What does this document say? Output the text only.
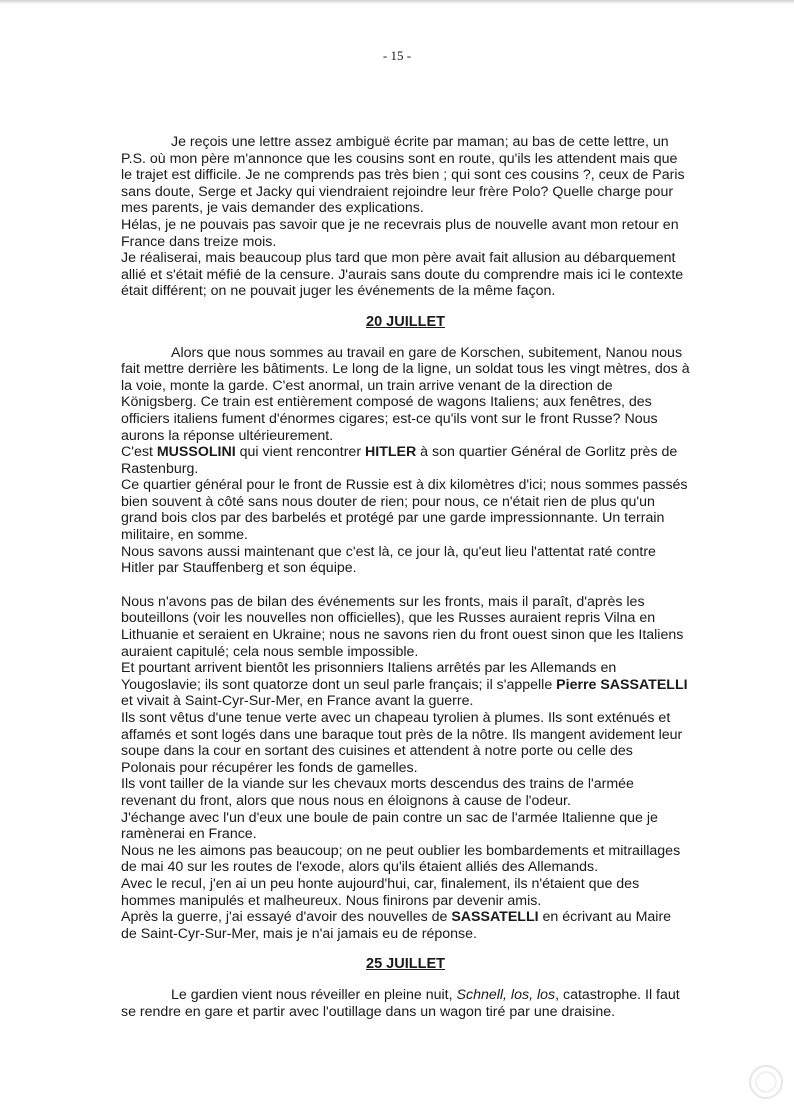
- 15 -

Je reçois une lettre assez ambiguë écrite par maman; au bas de cette lettre, un P.S. où mon père m'annonce que les cousins sont en route, qu'ils les attendent mais que le trajet est difficile. Je ne comprends pas très bien ; qui sont ces cousins ?, ceux de Paris sans doute, Serge et Jacky qui viendraient rejoindre leur frère Polo? Quelle charge pour mes parents, je vais demander des explications.

Hélas, je ne pouvais pas savoir que je ne recevrais plus de nouvelle avant mon retour en France dans treize mois.

Je réaliserai, mais beaucoup plus tard que mon père avait fait allusion au débarquement allié et s'était méfié de la censure. J'aurais sans doute du comprendre mais ici le contexte était différent; on ne pouvait juger les événements de la même façon.

20 JUILLET

Alors que nous sommes au travail en gare de Korschen, subitement, Nanou nous fait mettre derrière les bâtiments. Le long de la ligne, un soldat tous les vingt mètres, dos à la voie, monte la garde. C'est anormal, un train arrive venant de la direction de Königsberg. Ce train est entièrement composé de wagons Italiens; aux fenêtres, des officiers italiens fument d'énormes cigares; est-ce qu'ils vont sur le front Russe? Nous aurons la réponse ultérieurement.

C'est MUSSOLINI qui vient rencontrer HITLER à son quartier Général de Gorlitz près de Rastenburg.

Ce quartier général pour le front de Russie est à dix kilomètres d'ici; nous sommes passés bien souvent à côté sans nous douter de rien; pour nous, ce n'était rien de plus qu'un grand bois clos par des barbelés et protégé par une garde impressionnante. Un terrain militaire, en somme.

Nous savons aussi maintenant que c'est là, ce jour là, qu'eut lieu l'attentat raté contre Hitler par Stauffenberg et son équipe.

Nous n'avons pas de bilan des événements sur les fronts, mais il paraît, d'après les bouteillons (voir les nouvelles non officielles), que les Russes auraient repris Vilna en Lithuanie et seraient en Ukraine; nous ne savons rien du front ouest sinon que les Italiens auraient capitulé; cela nous semble impossible.

Et pourtant arrivent bientôt les prisonniers Italiens arrêtés par les Allemands en Yougoslavie; ils sont quatorze dont un seul parle français; il s'appelle Pierre SASSATELLI et vivait à Saint-Cyr-Sur-Mer, en France avant la guerre.

Ils sont vêtus d'une tenue verte avec un chapeau tyrolien à plumes. Ils sont exténués et affamés et sont logés dans une baraque tout près de la nôtre. Ils mangent avidement leur soupe dans la cour en sortant des cuisines et attendent à notre porte ou celle des Polonais pour récupérer les fonds de gamelles.

Ils vont tailler de la viande sur les chevaux morts descendus des trains de l'armée revenant du front, alors que nous nous en éloignons à cause de l'odeur.

J'échange avec l'un d'eux une boule de pain contre un sac de l'armée Italienne que je ramènerai en France.

Nous ne les aimons pas beaucoup; on ne peut oublier les bombardements et mitraillages de mai 40 sur les routes de l'exode, alors qu'ils étaient alliés des Allemands.

Avec le recul, j'en ai un peu honte aujourd'hui, car, finalement, ils n'étaient que des hommes manipulés et malheureux. Nous finirons par devenir amis.

Après la guerre, j'ai essayé d'avoir des nouvelles de SASSATELLI en écrivant au Maire de Saint-Cyr-Sur-Mer, mais je n'ai jamais eu de réponse.

25 JUILLET

Le gardien vient nous réveiller en pleine nuit, Schnell, los, los, catastrophe. Il faut se rendre en gare et partir avec l'outillage dans un wagon tiré par une draisine.
